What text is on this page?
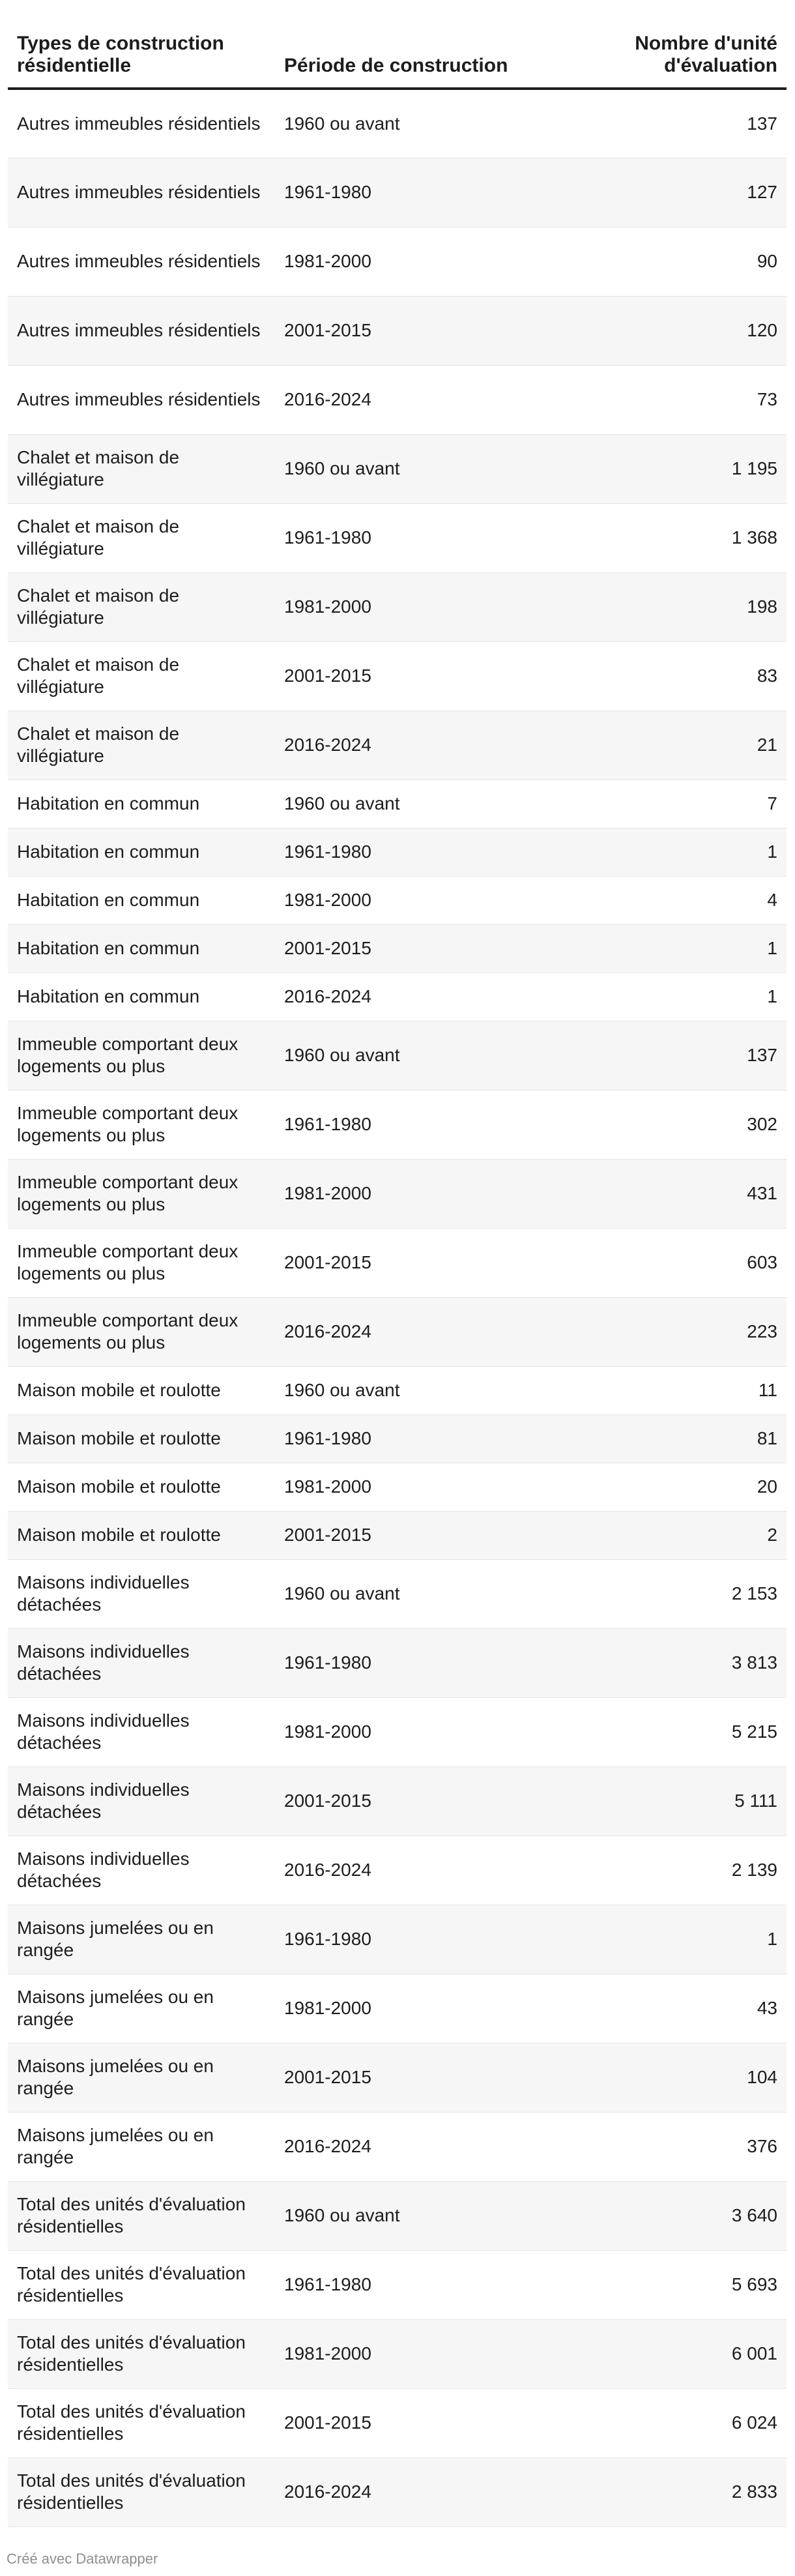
Types de construction résidentielle	Période de construction	Nombre d'unité d'évaluation
Autres immeubles résidentiels	1960 ou avant	137
Autres immeubles résidentiels	1961-1980	127
Autres immeubles résidentiels	1981-2000	90
Autres immeubles résidentiels	2001-2015	120
Autres immeubles résidentiels	2016-2024	73
Chalet et maison de villégiature	1960 ou avant	1 195
Chalet et maison de villégiature	1961-1980	1 368
Chalet et maison de villégiature	1981-2000	198
Chalet et maison de villégiature	2001-2015	83
Chalet et maison de villégiature	2016-2024	21
Habitation en commun	1960 ou avant	7
Habitation en commun	1961-1980	1
Habitation en commun	1981-2000	4
Habitation en commun	2001-2015	1
Habitation en commun	2016-2024	1
Immeuble comportant deux logements ou plus	1960 ou avant	137
Immeuble comportant deux logements ou plus	1961-1980	302
Immeuble comportant deux logements ou plus	1981-2000	431
Immeuble comportant deux logements ou plus	2001-2015	603
Immeuble comportant deux logements ou plus	2016-2024	223
Maison mobile et roulotte	1960 ou avant	11
Maison mobile et roulotte	1961-1980	81
Maison mobile et roulotte	1981-2000	20
Maison mobile et roulotte	2001-2015	2
Maisons individuelles détachées	1960 ou avant	2 153
Maisons individuelles détachées	1961-1980	3 813
Maisons individuelles détachées	1981-2000	5 215
Maisons individuelles détachées	2001-2015	5 111
Maisons individuelles détachées	2016-2024	2 139
Maisons jumelées ou en rangée	1961-1980	1
Maisons jumelées ou en rangée	1981-2000	43
Maisons jumelées ou en rangée	2001-2015	104
Maisons jumelées ou en rangée	2016-2024	376
Total des unités d'évaluation résidentielles	1960 ou avant	3 640
Total des unités d'évaluation résidentielles	1961-1980	5 693
Total des unités d'évaluation résidentielles	1981-2000	6 001
Total des unités d'évaluation résidentielles	2001-2015	6 024
Total des unités d'évaluation résidentielles	2016-2024	2 833
Créé avec Datawrapper
